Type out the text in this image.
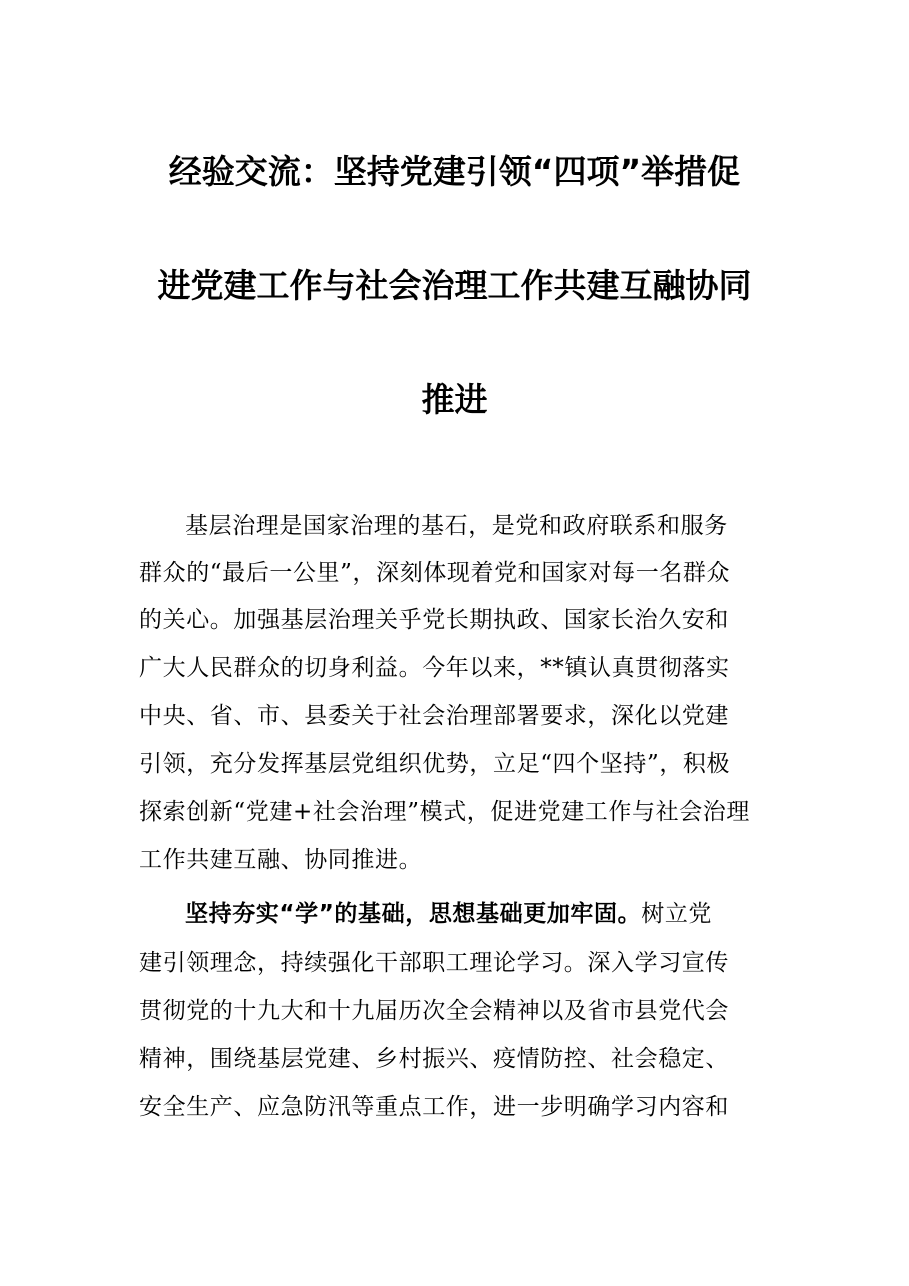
经验交流：坚持党建引领“四项”举措促
进党建工作与社会治理工作共建互融协同
推进
基层治理是国家治理的基石，是党和政府联系和服务
群众的“最后一公里”，深刻体现着党和国家对每一名群众
的关心。加强基层治理关乎党长期执政、国家长治久安和
广大人民群众的切身利益。今年以来，**镇认真贯彻落实
中央、省、市、县委关于社会治理部署要求，深化以党建
引领，充分发挥基层党组织优势，立足“四个坚持”，积极
探索创新“党建+社会治理”模式，促进党建工作与社会治理
工作共建互融、协同推进。
坚持夯实“学”的基础，思想基础更加牢固。树立党
建引领理念，持续强化干部职工理论学习。深入学习宣传
贯彻党的十九大和十九届历次全会精神以及省市县党代会
精神，围绕基层党建、乡村振兴、疫情防控、社会稳定、
安全生产、应急防汛等重点工作，进一步明确学习内容和
